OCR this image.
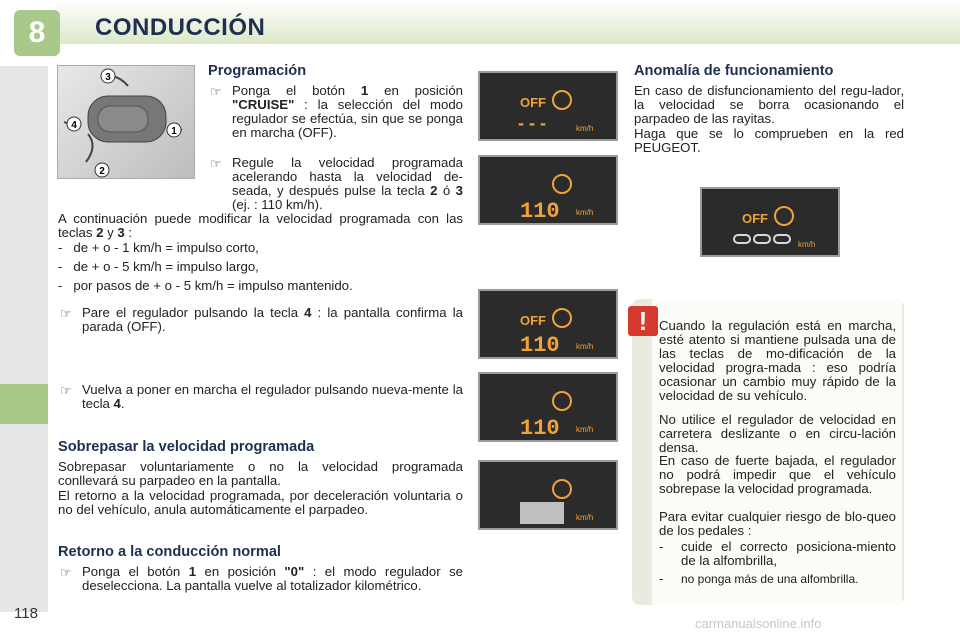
8	CONDUCCIÓN
3
4
1
2
Programación
☞ Ponga el botón 1 en posición "CRUISE" : la selección del modo regulador se efectúa, sin que se ponga en marcha (OFF).
☞ Regule la velocidad programada acelerando hasta la velocidad de-seada, y después pulse la tecla 2 ó 3 (ej. : 110 km/h).
A continuación puede modificar la velocidad programada con las teclas 2 y 3 :
-   de + o - 1 km/h = impulso corto,
-   de + o - 5 km/h = impulso largo,
-   por pasos de + o - 5 km/h = impulso mantenido.
☞ Pare el regulador pulsando la tecla 4 : la pantalla confirma la parada (OFF).
☞ Vuelva a poner en marcha el regulador pulsando nueva-mente la tecla 4.
Sobrepasar la velocidad programada
Sobrepasar voluntariamente o no la velocidad programada conllevará su parpadeo en la pantalla.
El retorno a la velocidad programada, por deceleración voluntaria o no del vehículo, anula automáticamente el parpadeo.
Retorno a la conducción normal
☞ Ponga el botón 1 en posición "0" : el modo regulador se deselecciona. La pantalla vuelve al totalizador kilométrico.
OFF
- - -	km/h
110 km/h
OFF
110 km/h
110 km/h
km/h
OFF
km/h
Anomalía de funcionamiento
En caso de disfuncionamiento del regu-lador, la velocidad se borra ocasionando el parpadeo de las rayitas.
Haga que se lo comprueben en la red PEUGEOT.
! Cuando la regulación está en marcha, esté atento si mantiene pulsada una de las teclas de mo-dificación de la velocidad progra-mada : eso podría ocasionar un cambio muy rápido de la velocidad de su vehículo.
No utilice el regulador de velocidad en carretera deslizante o en circu-lación densa.
En caso de fuerte bajada, el regulador no podrá impedir que el vehículo sobrepase la velocidad programada.
Para evitar cualquier riesgo de blo-queo de los pedales :
-	cuide el correcto posiciona-miento de la alfombrilla,
-	no ponga más de una alfombrilla.
118
carmanualsonline.info
